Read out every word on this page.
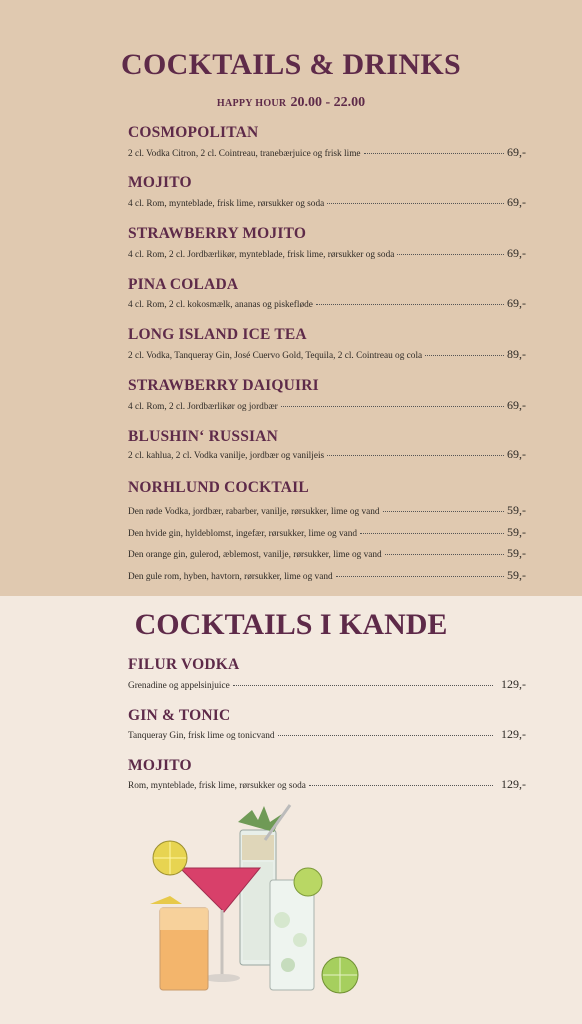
COCKTAILS & DRINKS
HAPPY HOUR 20.00 - 22.00
COSMOPOLITAN
2 cl. Vodka Citron, 2 cl. Cointreau, tranebærjuice og frisk lime	69,-
MOJITO
4 cl. Rom, mynteblade, frisk lime, rørsukker og soda	69,-
STRAWBERRY MOJITO
4 cl. Rom, 2 cl. Jordbærlikør, mynteblade, frisk lime, rørsukker og soda	69,-
PINA COLADA
4 cl. Rom, 2 cl. kokosmælk, ananas og piskefløde	69,-
LONG ISLAND ICE TEA
2 cl. Vodka, Tanqueray Gin, José Cuervo Gold, Tequila, 2 cl. Cointreau og cola	89,-
STRAWBERRY DAIQUIRI
4 cl. Rom, 2 cl. Jordbærlikør og jordbær	69,-
BLUSHIN‘ RUSSIAN
2 cl. kahlua, 2 cl. Vodka vanilje, jordbær og vaniljeis	69,-
NORHLUND COCKTAIL
Den røde Vodka, jordbær, rabarber, vanilje, rørsukker, lime og vand	59,-
Den hvide gin, hyldeblomst, ingefær, rørsukker, lime og vand	59,-
Den orange gin, gulerod, æblemost, vanilje, rørsukker, lime og vand	59,-
Den gule rom, hyben, havtorn, rørsukker, lime og vand	59,-
COCKTAILS I KANDE
FILUR VODKA
Grenadine og appelsinjuice	129,-
GIN & TONIC
Tanqueray Gin, frisk lime og tonicvand	129,-
MOJITO
Rom, mynteblade, frisk lime, rørsukker og soda	129,-
